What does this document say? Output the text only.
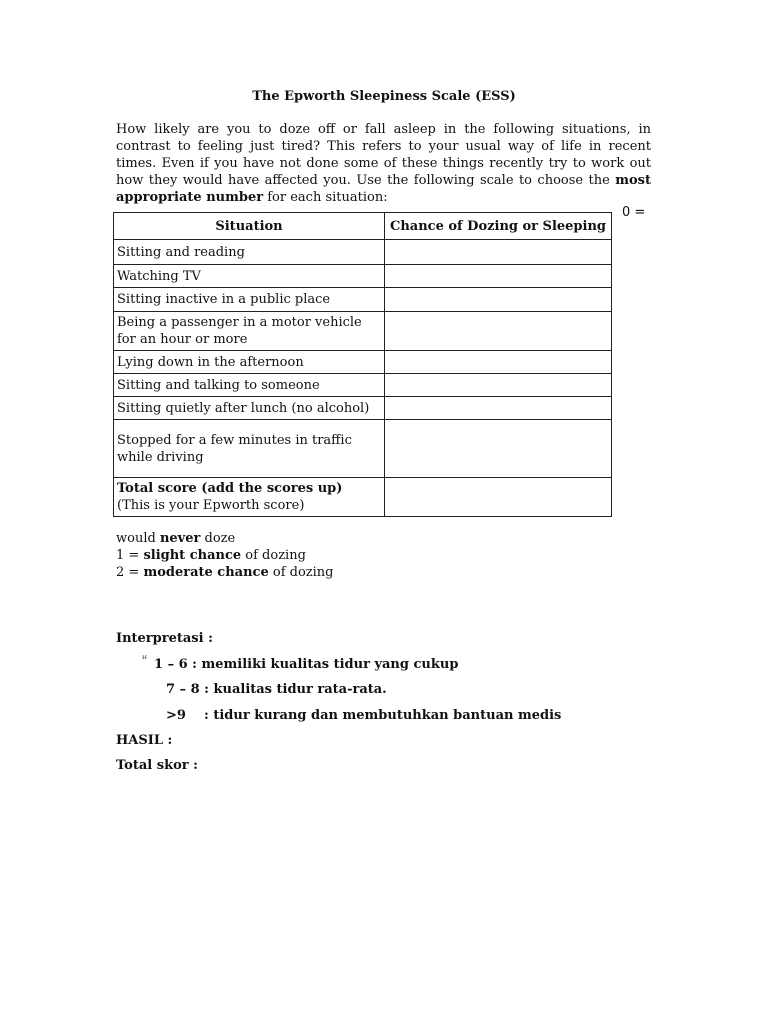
The Epworth Sleepiness Scale (ESS)
How likely are you to doze off or fall asleep in the following situations, in contrast to feeling just tired? This refers to your usual way of life in recent times. Even if you have not done some of these things recently try to work out how they would have affected you. Use the following scale to choose the most appropriate number for each situation:
0 =
Situation	Chance of Dozing or Sleeping
Sitting and reading	
Watching TV	
Sitting inactive in a public place	
Being a passenger in a motor vehicle for an hour or more	
Lying down in the afternoon	
Sitting and talking to someone	
Sitting quietly after lunch (no alcohol)	
Stopped for a few minutes in traffic while driving	
Total score (add the scores up)
(This is your Epworth score)	
would never doze
1 = slight chance of dozing
2 = moderate chance of dozing
Interpretasi :
ᴴ 1 – 6 : memiliki kualitas tidur yang cukup
7 – 8 : kualitas tidur rata-rata.
>9    : tidur kurang dan membutuhkan bantuan medis
HASIL :
Total skor :
